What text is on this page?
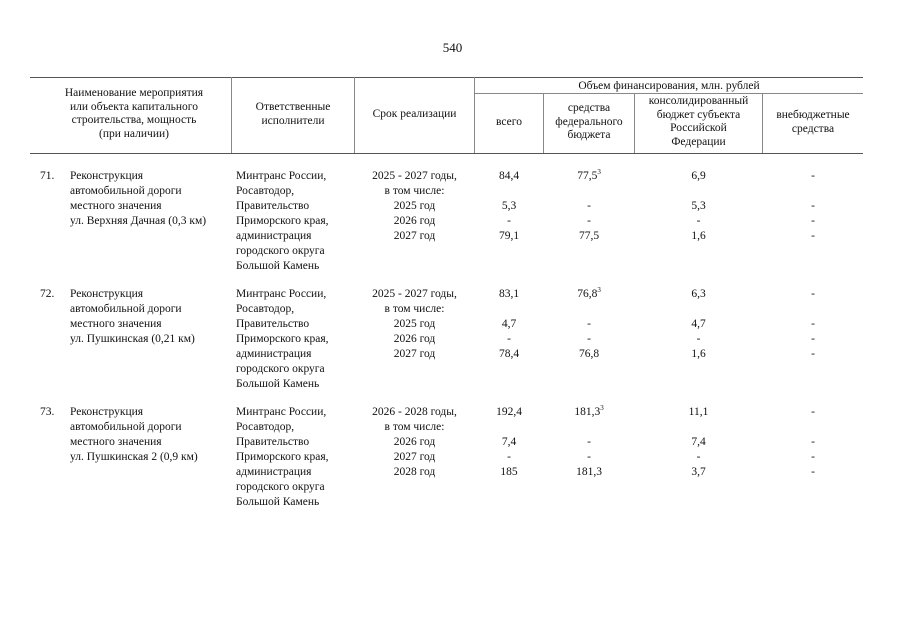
540
Наименование мероприятия
или объекта капитального
строительства, мощность
(при наличии)
Ответственные
исполнители
Срок реализации
Объем финансирования, млн. рублей
всего
средства
федерального
бюджета
консолидированный
бюджет субъекта
Российской
Федерации
внебюджетные
средства
71. Реконструкция
автомобильной дороги
местного значения
ул. Верхняя Дачная (0,3 км)
Минтранс России,
Росавтодор,
Правительство
Приморского края,
администрация
городского округа
Большой Камень
2025 - 2027 годы,
в том числе:
2025 год
2026 год
2027 год
84,4
5,3
-
79,1
77,5$^3$
-
-
77,5
6,9
5,3
-
1,6
-
-
-
-
72. Реконструкция
автомобильной дороги
местного значения
ул. Пушкинская (0,21 км)
Минтранс России,
Росавтодор,
Правительство
Приморского края,
администрация
городского округа
Большой Камень
2025 - 2027 годы,
в том числе:
2025 год
2026 год
2027 год
83,1
4,7
-
78,4
76,8$^3$
-
-
76,8
6,3
4,7
-
1,6
-
-
-
-
73. Реконструкция
автомобильной дороги
местного значения
ул. Пушкинская 2 (0,9 км)
Минтранс России,
Росавтодор,
Правительство
Приморского края,
администрация
городского округа
Большой Камень
2026 - 2028 годы,
в том числе:
2026 год
2027 год
2028 год
192,4
7,4
-
185
181,3$^3$
-
-
181,3
11,1
7,4
-
3,7
-
-
-
-
